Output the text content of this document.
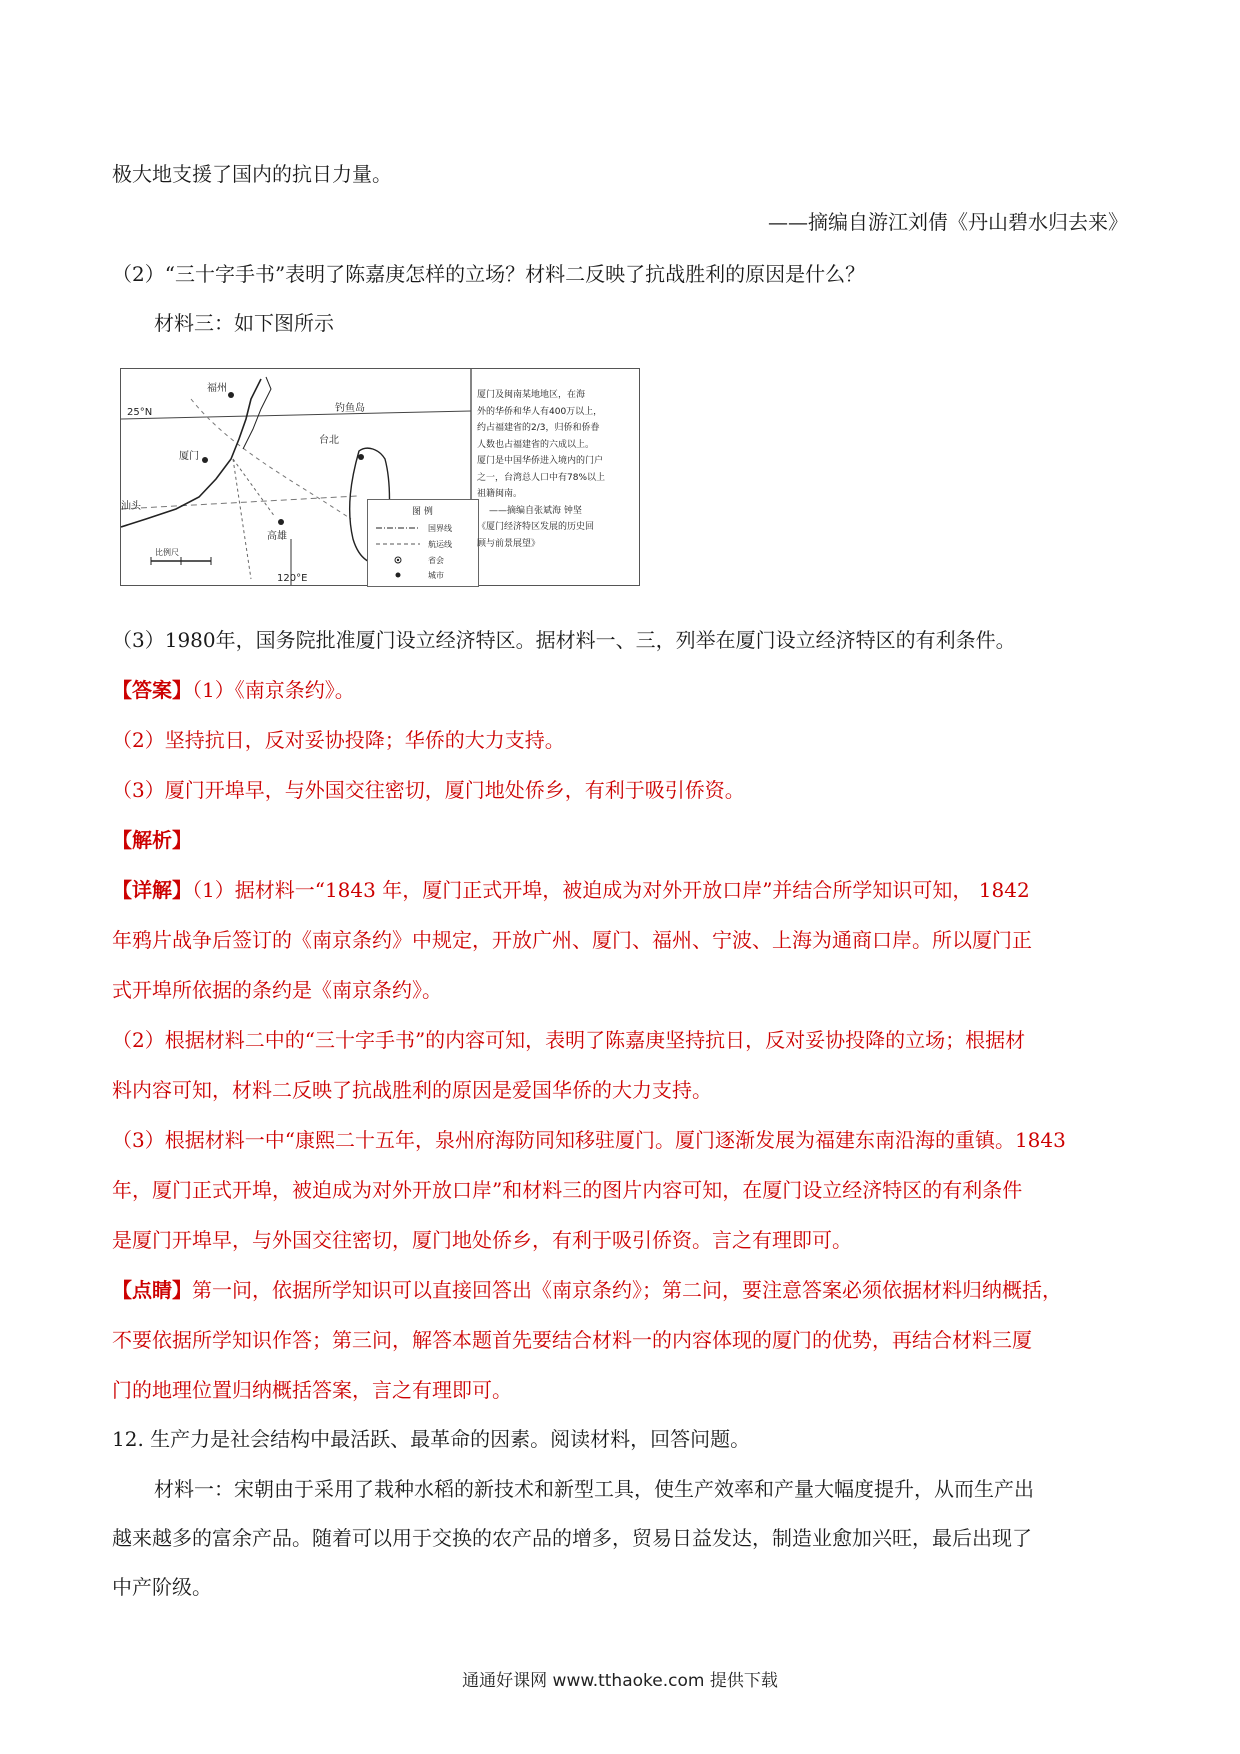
极大地支援了国内的抗日力量。
——摘编自游江刘倩《丹山碧水归去来》
（2）“三十字手书”表明了陈嘉庚怎样的立场？材料二反映了抗战胜利的原因是什么？
材料三：如下图所示
福州
钓鱼岛
台北
厦门
高雄
25°N
120°E
汕头
比例尺
图 例
国界线
航运线
省会
城市
厦门及闽南某地地区，在海
外的华侨和华人有400万以上，
约占福建省的2/3，归侨和侨眷
人数也占福建省的六成以上。
厦门是中国华侨进入境内的门户
之一，台湾总人口中有78%以上
祖籍闽南。
——摘编自张斌海 钟坚
《厦门经济特区发展的历史回
顾与前景展望》
（3）1980年，国务院批准厦门设立经济特区。据材料一、三，列举在厦门设立经济特区的有利条件。
【答案】（1）《南京条约》。
（2）坚持抗日，反对妥协投降；华侨的大力支持。
（3）厦门开埠早，与外国交往密切，厦门地处侨乡，有利于吸引侨资。
【解析】
【详解】（1）据材料一“1843 年，厦门正式开埠，被迫成为对外开放口岸”并结合所学知识可知， 1842
年鸦片战争后签订的《南京条约》中规定，开放广州、厦门、福州、宁波、上海为通商口岸。所以厦门正
式开埠所依据的条约是《南京条约》。
（2）根据材料二中的“三十字手书”的内容可知，表明了陈嘉庚坚持抗日，反对妥协投降的立场；根据材
料内容可知，材料二反映了抗战胜利的原因是爱国华侨的大力支持。
（3）根据材料一中“康熙二十五年，泉州府海防同知移驻厦门。厦门逐渐发展为福建东南沿海的重镇。1843
年，厦门正式开埠，被迫成为对外开放口岸”和材料三的图片内容可知，在厦门设立经济特区的有利条件
是厦门开埠早，与外国交往密切，厦门地处侨乡，有利于吸引侨资。言之有理即可。
【点睛】第一问，依据所学知识可以直接回答出《南京条约》；第二问，要注意答案必须依据材料归纳概括，
不要依据所学知识作答；第三问，解答本题首先要结合材料一的内容体现的厦门的优势，再结合材料三厦
门的地理位置归纳概括答案，言之有理即可。
12. 生产力是社会结构中最活跃、最革命的因素。阅读材料，回答问题。
材料一：宋朝由于采用了栽种水稻的新技术和新型工具，使生产效率和产量大幅度提升，从而生产出
越来越多的富余产品。随着可以用于交换的农产品的增多，贸易日益发达，制造业愈加兴旺，最后出现了
中产阶级。
通通好课网 www.tthaoke.com 提供下载
